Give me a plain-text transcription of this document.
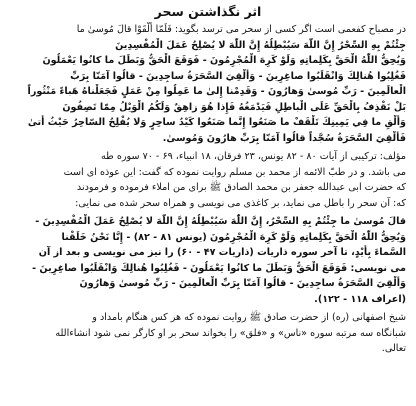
اثر نگذاشتن سحر
در مصباح کفعمی است اگر کسی از سحر می ترسد بگوید: فَلَمّا أَلْقَوْا قالَ مُوسىٰ ما
جِئْتُمْ بِهِ السِّحْرُ إِنَّ اللّٰهَ سَيُبْطِلُهُ إِنَّ اللّٰهَ لا يُصْلِحُ عَمَلَ الْمُفْسِدِينَ
وَيُحِقُّ اللّٰهُ الْحَقَّ بِكَلِماتِهِ وَلَوْ كَرِهَ الْمُجْرِمُونَ - فَوَقَعَ الْحَقُّ وَبَطَلَ ما كانُوا يَعْمَلُونَ
فَغُلِبُوا هُنالِكَ وَانْقَلَبُوا صاغِرِينَ - وَأُلْقِيَ السَّحَرَةُ ساجِدِينَ - قالُوا آمَنّا بِرَبِّ
الْعالَمِينَ - رَبِّ مُوسىٰ وَهارُونَ - وَقَدِمْنا إِلىٰ ما عَمِلُوا مِنْ عَمَلٍ فَجَعَلْناهُ هَباءً مَنْثُوراً
بَلْ نَقْذِفُ بِالْحَقِّ عَلَى الْباطِلِ فَيَدْمَغُهُ فَإِذا هُوَ زاهِقٌ وَلَكُمُ الْوَيْلُ مِمّا تَصِفُونَ
وَأَلْقِ ما فِي يَمِينِكَ تَلْقَفْ ما صَنَعُوا إِنَّما صَنَعُوا كَيْدُ ساحِرٍ وَلا يُفْلِحُ السّاحِرُ حَيْثُ أَتىٰ
فَأُلْقِيَ السَّحَرَةُ سُجَّداً قالُوا آمَنّا بِرَبِّ هارُونَ وَمُوسىٰ.
مؤلف: ترکیبی از آیات ۸۰ - ۸۲ یونس، ۲۳ فرقان، ۱۸ انبیاء، ۶۹ - ۷۰ سوره طه
می باشد. و در طبّ الائمه از محمد بن مسلم روایت نموده که گفت: این عوذه ای است
که حضرت ابی عبدالله جعفر بن محمد الصادق ﷺ برای من املاء فرموده و فرمودند
که: آن سحر را باطل می نماید، بر کاغذی می نویسی و همراه سحر شده می نمایی:
قالَ مُوسىٰ ما جِئْتُمْ بِهِ السِّحْرُ، إِنَّ اللّٰهَ سَيُبْطِلُهُ إِنَّ اللّٰهَ لا يُصْلِحُ عَمَلَ الْمُفْسِدِينَ -
وَيُحِقُّ اللّٰهُ الْحَقَّ بِكَلِماتِهِ وَلَوْ كَرِهَ الْمُجْرِمُونَ (یونس ۸۱ - ۸۲) - إِنَّا نَحْنُ خَلَقْنا
السَّماءَ بِأَيْدٍ، تا آخر سوره ذاریات (ذاریات ۴۷ - ۶۰) را نیز می نویسی و بعد از آن
می نویسی: فَوَقَعَ الْحَقُّ وَبَطَلَ ما كانُوا يَعْمَلُونَ - فَغُلِبُوا هُنالِكَ وَانْقَلَبُوا صاغِرِينَ -
وَأُلْقِيَ السَّحَرَةُ ساجِدِينَ - قالُوا آمَنّا بِرَبِّ الْعالَمِينَ - رَبِّ مُوسىٰ وَهارُونَ
(اعراف ۱۱۸ - ۱۲۲).
شیخ اصفهانی (ره) از حضرت صادق ﷺ روایت نموده که هر کس هنگام بامداد و
شبانگاه سه مرتبه سوره «ناس» و «فلق» را بخواند سحر بر او کارگر نمی شود انشاءالله
تعالی.
